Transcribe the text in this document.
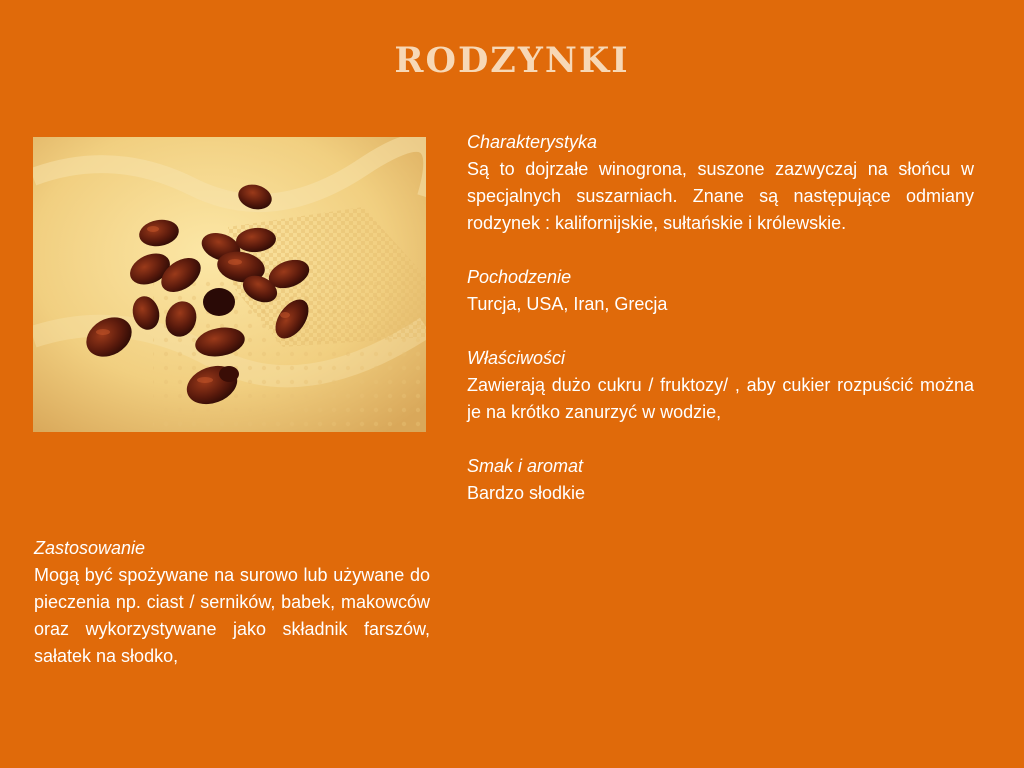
rodzynki
Charakterystyka
Są to dojrzałe winogrona, suszone zazwyczaj na słońcu w specjalnych suszarniach. Znane są następujące odmiany rodzynek : kalifornijskie, sułtańskie i królewskie.
Pochodzenie
Turcja, USA, Iran, Grecja
Właściwości
Zawierają dużo cukru / fruktozy/ , aby cukier rozpuścić można je na krótko zanurzyć w wodzie,
Smak i aromat
Bardzo słodkie
Zastosowanie
Mogą być spożywane na surowo lub używane do pieczenia np. ciast / serników, babek, makowców oraz wykorzystywane jako składnik farszów, sałatek na słodko,
